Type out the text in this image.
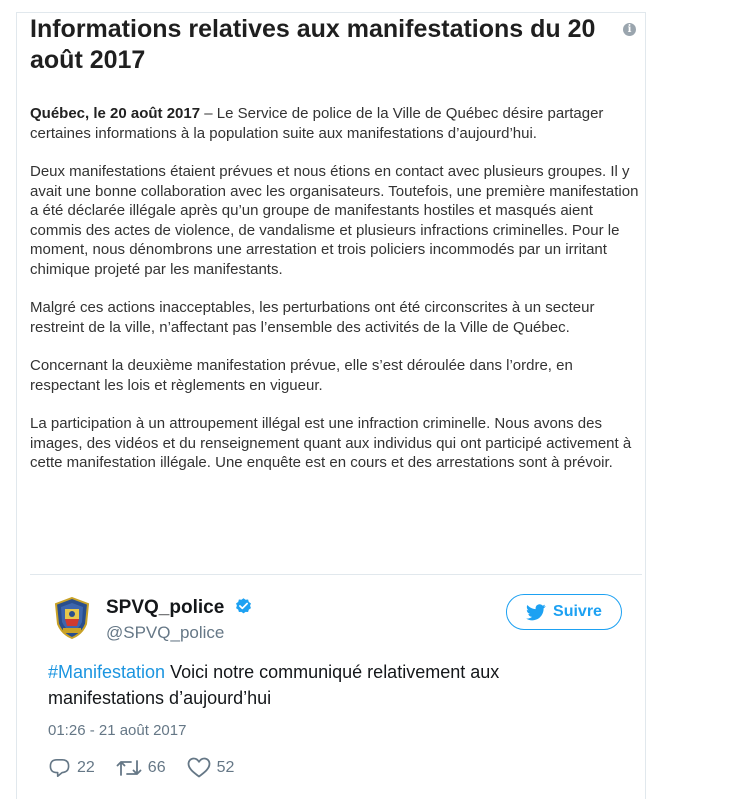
Informations relatives aux manifestations du 20 août 2017
i

Québec, le 20 août 2017 – Le Service de police de la Ville de Québec désire partager certaines informations à la population suite aux manifestations d’aujourd’hui.

Deux manifestations étaient prévues et nous étions en contact avec plusieurs groupes. Il y avait une bonne collaboration avec les organisateurs. Toutefois, une première manifestation a été déclarée illégale après qu’un groupe de manifestants hostiles et masqués aient commis des actes de violence, de vandalisme et plusieurs infractions criminelles. Pour le moment, nous dénombrons une arrestation et trois policiers incommodés par un irritant chimique projeté par les manifestants.

Malgré ces actions inacceptables, les perturbations ont été circonscrites à un secteur restreint de la ville, n’affectant pas l’ensemble des activités de la Ville de Québec.

Concernant la deuxième manifestation prévue, elle s’est déroulée dans l’ordre, en respectant les lois et règlements en vigueur.

La participation à un attroupement illégal est une infraction criminelle. Nous avons des images, des vidéos et du renseignement quant aux individus qui ont participé activement à cette manifestation illégale. Une enquête est en cours et des arrestations sont à prévoir.

SPVQ_police
@SPVQ_police
Suivre
#Manifestation Voici notre communiqué relativement aux manifestations d’aujourd’hui
01:26 - 21 août 2017
22	66	52
